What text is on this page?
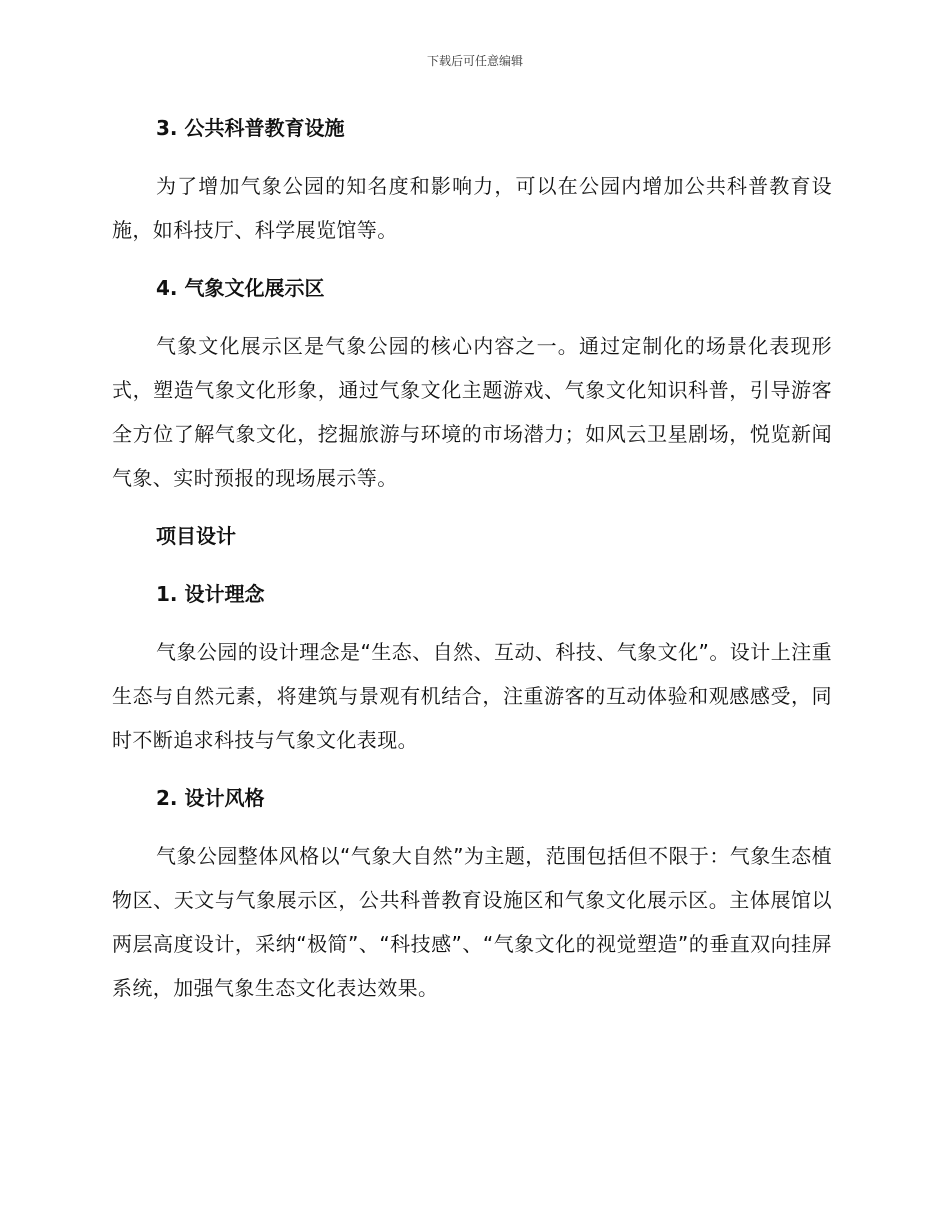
下载后可任意编辑
3. 公共科普教育设施

为了增加气象公园的知名度和影响力，可以在公园内增加公共科普教育设施，如科技厅、科学展览馆等。

4. 气象文化展示区

气象文化展示区是气象公园的核心内容之一。通过定制化的场景化表现形式，塑造气象文化形象，通过气象文化主题游戏、气象文化知识科普，引导游客全方位了解气象文化，挖掘旅游与环境的市场潜力；如风云卫星剧场，悦览新闻气象、实时预报的现场展示等。

项目设计
1. 设计理念

气象公园的设计理念是“生态、自然、互动、科技、气象文化”。设计上注重生态与自然元素，将建筑与景观有机结合，注重游客的互动体验和观感感受，同时不断追求科技与气象文化表现。

2. 设计风格

气象公园整体风格以“气象大自然”为主题，范围包括但不限于：气象生态植物区、天文与气象展示区，公共科普教育设施区和气象文化展示区。主体展馆以两层高度设计，采纳“极简”、“科技感”、“气象文化的视觉塑造”的垂直双向挂屏系统，加强气象生态文化表达效果。
